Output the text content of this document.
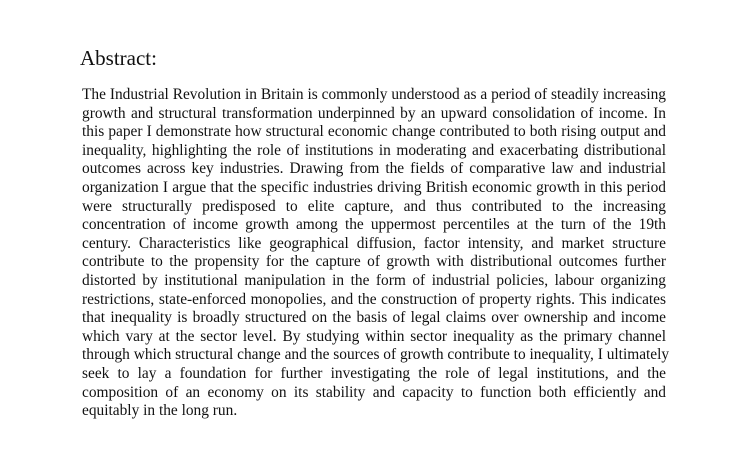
Abstract:
The Industrial Revolution in Britain is commonly understood as a period of steadily increasing
growth and structural transformation underpinned by an upward consolidation of income. In
this paper I demonstrate how structural economic change contributed to both rising output and
inequality, highlighting the role of institutions in moderating and exacerbating distributional
outcomes across key industries. Drawing from the fields of comparative law and industrial
organization I argue that the specific industries driving British economic growth in this period
were structurally predisposed to elite capture, and thus contributed to the increasing
concentration of income growth among the uppermost percentiles at the turn of the 19th
century. Characteristics like geographical diffusion, factor intensity, and market structure
contribute to the propensity for the capture of growth with distributional outcomes further
distorted by institutional manipulation in the form of industrial policies, labour organizing
restrictions, state-enforced monopolies, and the construction of property rights. This indicates
that inequality is broadly structured on the basis of legal claims over ownership and income
which vary at the sector level. By studying within sector inequality as the primary channel
through which structural change and the sources of growth contribute to inequality, I ultimately
seek to lay a foundation for further investigating the role of legal institutions, and the
composition of an economy on its stability and capacity to function both efficiently and
equitably in the long run.
